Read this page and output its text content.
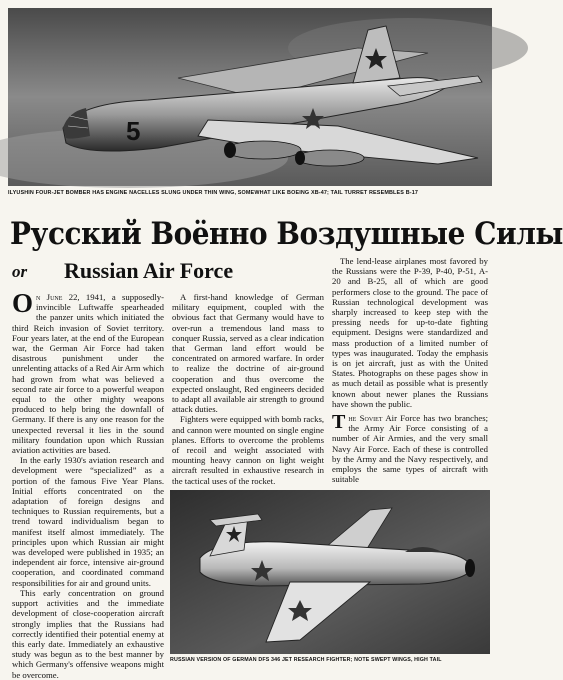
5
ILYUSHIN FOUR-JET BOMBER HAS ENGINE NACELLES SLUNG UNDER THIN WING, SOMEWHAT LIKE BOEING XB-47; TAIL TURRET RESEMBLES B-17
Русский Воённо Воздушные Силы
or Russian Air Force

On June 22, 1941, a supposedly-invincible Luftwaffe spearheaded the panzer units which initiated the third Reich invasion of Soviet territory. Four years later, at the end of the European war, the German Air Force had taken disastrous punishment under the unrelenting attacks of a Red Air Arm which had grown from what was believed a second rate air force to a powerful weapon equal to the other mighty weapons produced to help bring the downfall of Germany. If there is any one reason for the unexpected reversal it lies in the sound military foundation upon which Russian aviation activities are based.

In the early 1930's aviation research and development were “specialized” as a portion of the famous Five Year Plans. Initial efforts concentrated on the adaptation of foreign designs and techniques to Russian requirements, but a trend toward individualism began to manifest itself almost immediately. The principles upon which Russian air might was developed were published in 1935; an independent air force, intensive air-ground cooperation, and coordinated command responsibilities for air and ground units.

This early concentration on ground support activities and the immediate development of close-cooperation aircraft strongly implies that the Russians had correctly identified their potential enemy at this early date. Immediately an exhaustive study was begun as to the best manner by which Germany's offensive weapons might be overcome.

A first-hand knowledge of German military equipment, coupled with the obvious fact that Germany would have to over-run a tremendous land mass to conquer Russia, served as a clear indication that German land effort would be concentrated on armored warfare. In order to realize the doctrine of air-ground cooperation and thus overcome the expected onslaught, Red engineers decided to adapt all available air strength to ground attack duties.

Fighters were equipped with bomb racks, and cannon were mounted on single engine planes. Efforts to overcome the problems of recoil and weight associated with mounting heavy cannon on light weight aircraft resulted in exhaustive research in the tactical uses of the rocket.

The lend-lease airplanes most favored by the Russians were the P-39, P-40, P-51, A-20 and B-25, all of which are good performers close to the ground. The pace of Russian technological development was sharply increased to keep step with the pressing needs for up-to-date fighting equipment. Designs were standardized and mass production of a limited number of types was inaugurated. Today the emphasis is on jet aircraft, just as with the United States. Photographs on these pages show in as much detail as possible what is presently known about newer planes the Russians have shown the public.

The Soviet Air Force has two branches; the Army Air Force consisting of a number of Air Armies, and the very small Navy Air Force. Each of these is controlled by the Army and the Navy respectively, and employs the same types of aircraft with suitable

RUSSIAN VERSION OF GERMAN DFS 346 JET RESEARCH FIGHTER; NOTE SWEPT WINGS, HIGH TAIL
